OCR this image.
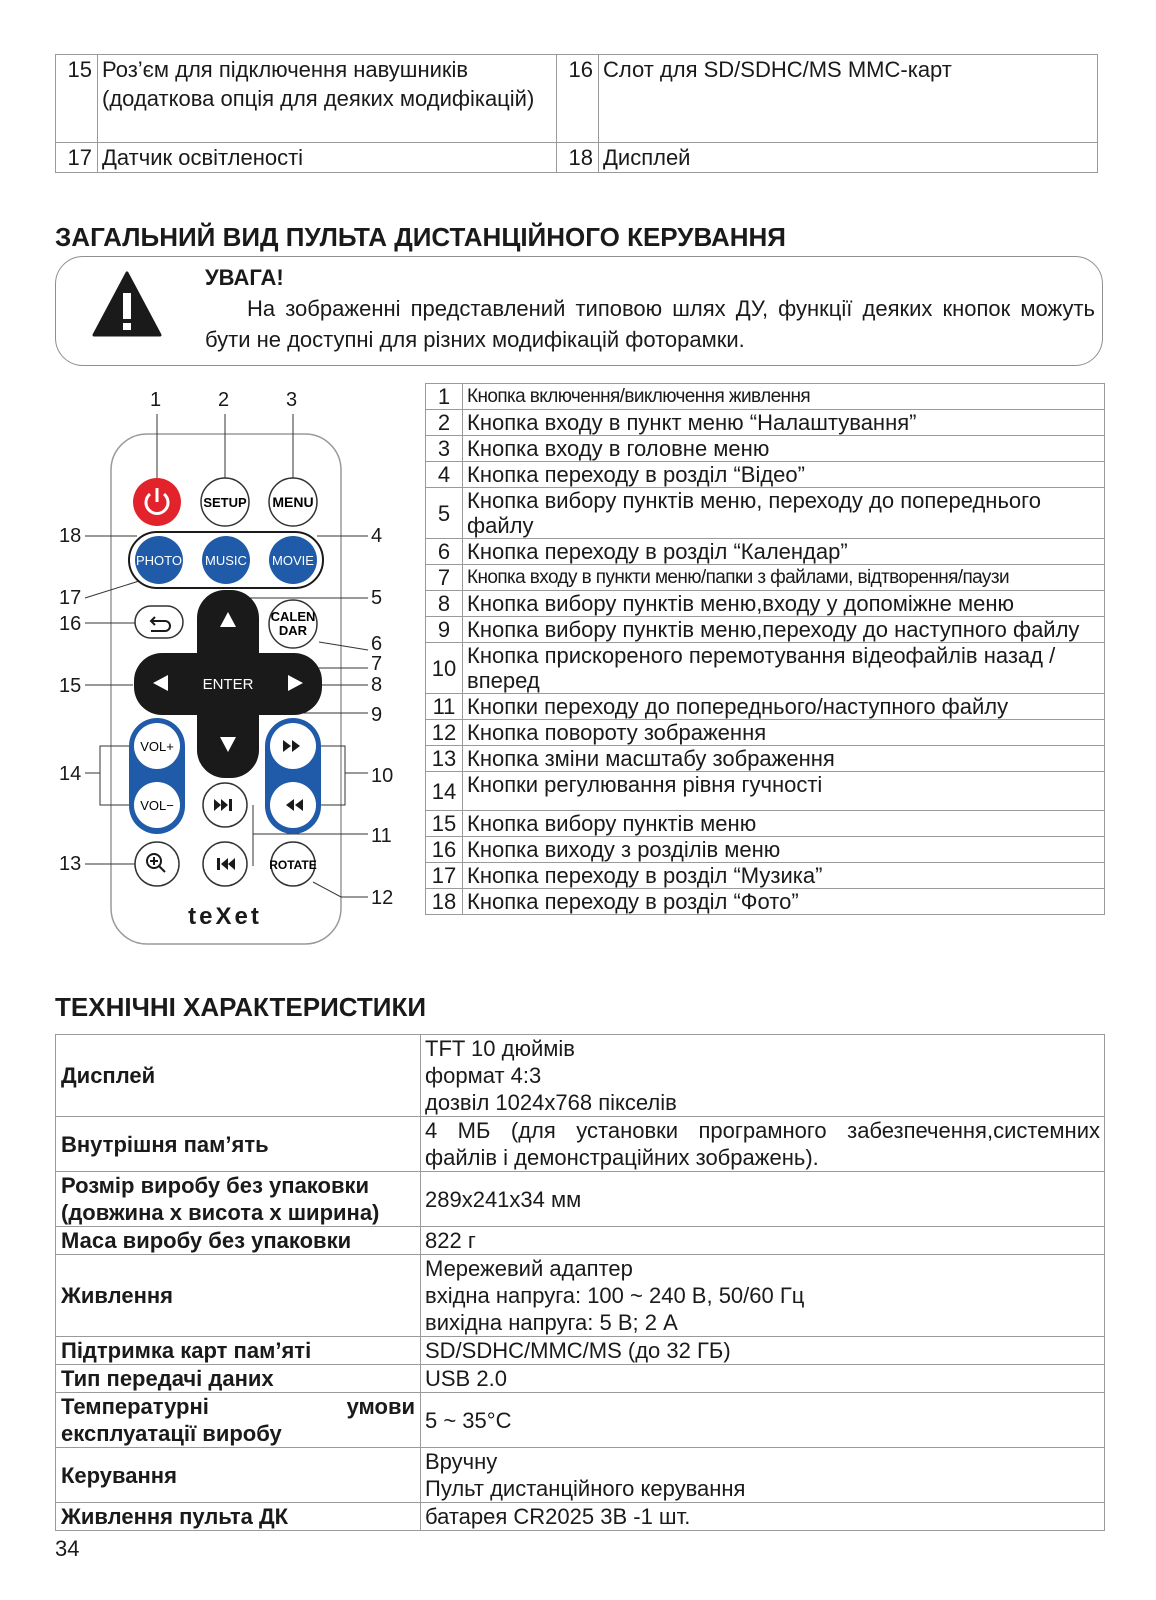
15	Роз’єм для підключення навушників (додаткова опція для деяких модифікацій)	16	Слот для SD/SDHC/MS MMC-карт
17	Датчик освітленості	18	Дисплей
ЗАГАЛЬНИЙ ВИД ПУЛЬТА ДИСТАНЦІЙНОГО КЕРУВАННЯ
УВАГА!

На зображенні представлений типовою шлях ДУ, функції деяких кнопок можуть бути не доступні для різних модифікацій фоторамки.

1	2	3
4
5
6
7
8
9
10
11
12
13
14
15
16
17
18
SETUP MENU
PHOTO MUSIC MOVIE
ENTER
CALEN
DAR
VOL+
VOL−
ROTATE
teXet
1	Кнопка включення/виключення живлення
2	Кнопка входу в пункт меню “Налаштування”
3	Кнопка входу в головне меню
4	Кнопка переходу в розділ “Відео”
5	Кнопка вибору пунктів меню, переходу до попереднього файлу
6	Кнопка переходу в розділ “Календар”
7	Кнопка входу в пункти меню/папки з файлами, відтворення/паузи
8	Кнопка вибору пунктів меню,входу у допоміжне меню
9	Кнопка вибору пунктів меню,переходу до наступного файлу
10	Кнопка прискореного перемотування відеофайлів назад / вперед
11	Кнопки переходу до попереднього/наступного файлу
12	Кнопка повороту зображення
13	Кнопка зміни масштабу зображення
14	Кнопки регулювання рівня гучності
15	Кнопка вибору пунктів меню
16	Кнопка виходу з розділів меню
17	Кнопка переходу в розділ “Музика”
18	Кнопка переходу в розділ “Фото”
ТЕХНІЧНІ ХАРАКТЕРИСТИКИ
Дисплей	TFT 10 дюймів
формат 4:3
дозвіл 1024x768 пікселів

Внутрішня пам’ять	4 МБ (для установки програмного забезпечення,системних файлів і демонстраційних зображень).

Розмір виробу без упаковки (довжина x висота x ширина)	289x241x34 мм

Маса виробу без упаковки	822 г

Живлення	Мережевий адаптер
вхідна напруга: 100 ~ 240 В, 50/60 Гц
вихідна напруга: 5 В; 2 А

Підтримка карт пам’яті	SD/SDHC/MMC/MS (до 32 ГБ)

Тип передачі даних	USB 2.0

Температурні умови експлуатації виробу	5 ~ 35°C

Керування	Вручну
Пульт дистанційного керування

Живлення пульта ДК	батарея CR2025 3В -1 шт.
34
